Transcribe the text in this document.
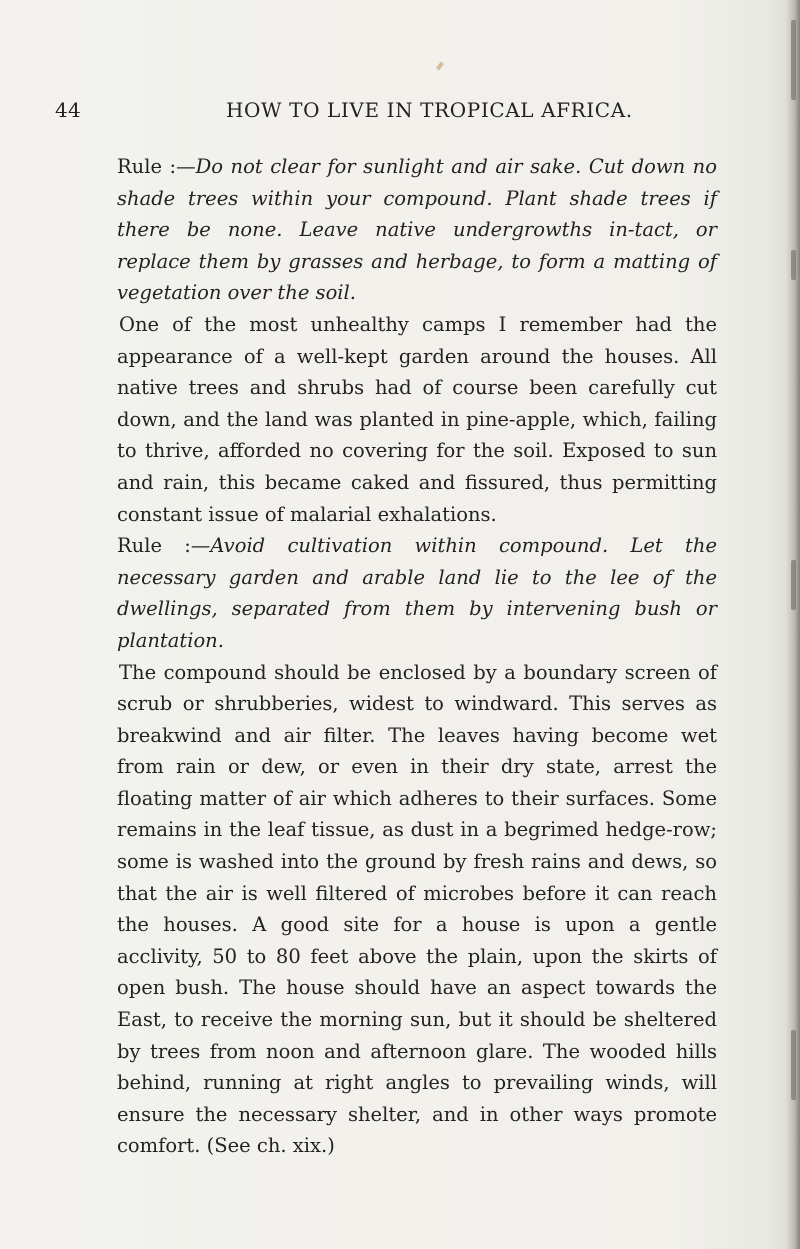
44	HOW TO LIVE IN TROPICAL AFRICA.

Rule :—Do not clear for sunlight and air sake. Cut down no shade trees within your compound. Plant shade trees if there be none. Leave native undergrowths in-tact, or replace them by grasses and herbage, to form a matting of vegetation over the soil.

One of the most unhealthy camps I remember had the appearance of a well-kept garden around the houses. All native trees and shrubs had of course been carefully cut down, and the land was planted in pine-apple, which, failing to thrive, afforded no covering for the soil. Exposed to sun and rain, this became caked and fissured, thus permitting constant issue of malarial exhalations.

Rule :—Avoid cultivation within compound. Let the necessary garden and arable land lie to the lee of the dwellings, separated from them by intervening bush or plantation.

The compound should be enclosed by a boundary screen of scrub or shrubberies, widest to windward. This serves as breakwind and air filter. The leaves having become wet from rain or dew, or even in their dry state, arrest the floating matter of air which adheres to their surfaces. Some remains in the leaf tissue, as dust in a begrimed hedge-row; some is washed into the ground by fresh rains and dews, so that the air is well filtered of microbes before it can reach the houses. A good site for a house is upon a gentle acclivity, 50 to 80 feet above the plain, upon the skirts of open bush. The house should have an aspect towards the East, to receive the morning sun, but it should be sheltered by trees from noon and afternoon glare. The wooded hills behind, running at right angles to prevailing winds, will ensure the necessary shelter, and in other ways promote comfort. (See ch. xix.)
